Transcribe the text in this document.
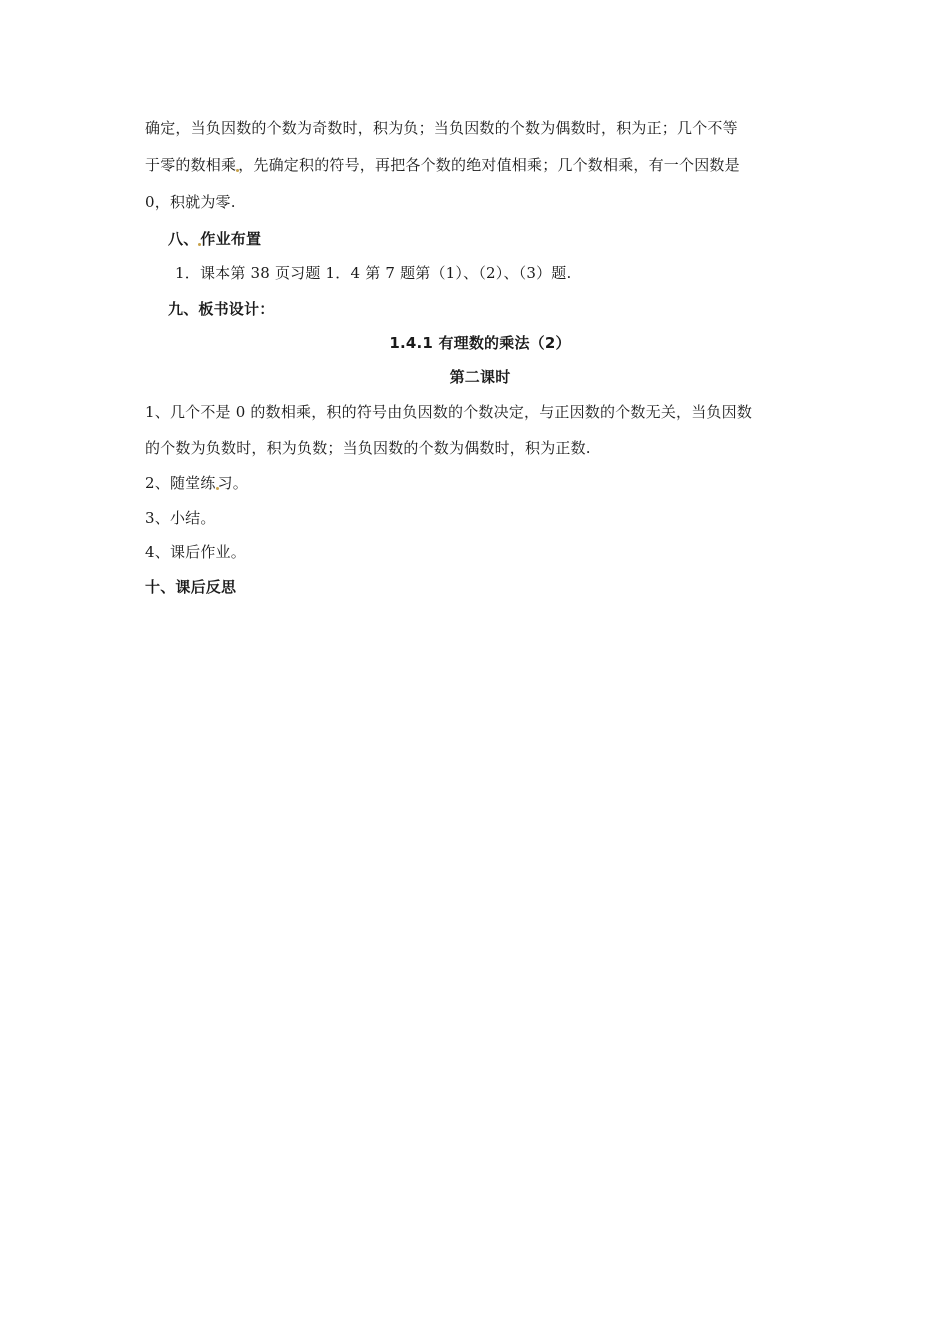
确定，当负因数的个数为奇数时，积为负；当负因数的个数为偶数时，积为正；几个不等
于零的数相乘 ，先确定积的符号，再把各个数的绝对值相乘；几个数相乘，有一个因数是
0，积就为零.
八、 作业布置
1．课本第 38 页习题 1．4 第 7 题第（1）、（2）、（3）题.
九、板书设计：
1.4.1 有理数的乘法（2）
第二课时
1、几个不是 0 的数相乘，积的符号由负因数的个数决定，与正因数的个数无关，当负因数
的个数为负数时，积为负数；当负因数的个数为偶数时，积为正数.
2、随堂练 习。
3、小结。
4、课后作业。
十、课后反思
